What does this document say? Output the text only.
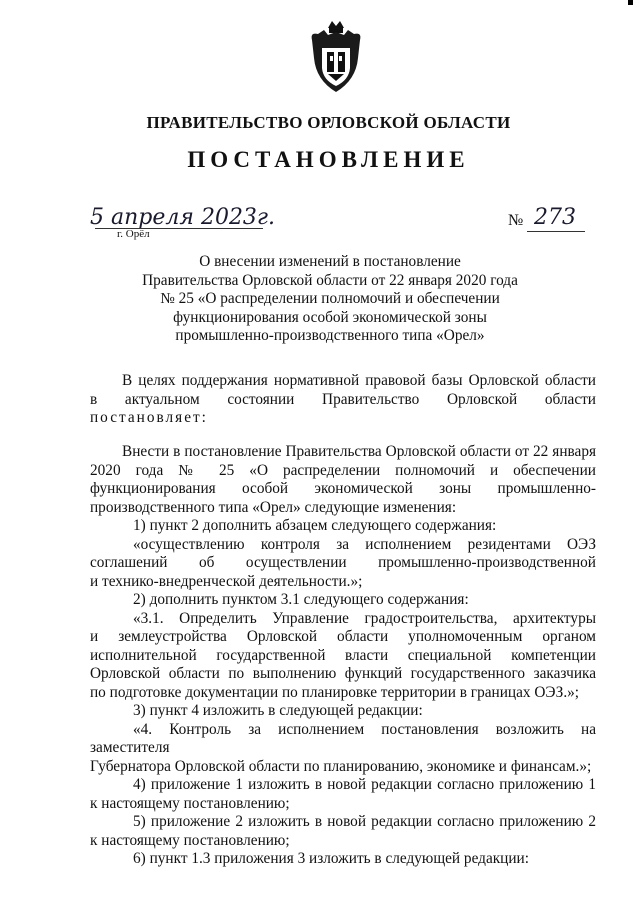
ПРАВИТЕЛЬСТВО ОРЛОВСКОЙ ОБЛАСТИ
ПОСТАНОВЛЕНИЕ
5 апреля 2023г.
г. Орёл
№ 273
О внесении изменений в постановление
Правительства Орловской области от 22 января 2020 года
№ 25 «О распределении полномочий и обеспечении
функционирования особой экономической зоны
промышленно-производственного типа «Орел»

В целях поддержания нормативной правовой базы Орловской области

в актуальном состоянии Правительство Орловской области

постановляет:

Внести в постановление Правительства Орловской области от 22 января

2020 года № 25 «О распределении полномочий и обеспечении

функционирования особой экономической зоны промышленно-

производственного типа «Орел» следующие изменения:

1) пункт 2 дополнить абзацем следующего содержания:

«осуществлению контроля за исполнением резидентами ОЭЗ

соглашений об осуществлении промышленно-производственной

и технико-внедренческой деятельности.»;

2) дополнить пунктом 3.1 следующего содержания:

«3.1. Определить Управление градостроительства, архитектуры

и землеустройства Орловской области уполномоченным органом

исполнительной государственной власти специальной компетенции

Орловской области по выполнению функций государственного заказчика

по подготовке документации по планировке территории в границах ОЭЗ.»;

3) пункт 4 изложить в следующей редакции:

«4. Контроль за исполнением постановления возложить на заместителя

Губернатора Орловской области по планированию, экономике и финансам.»;

4) приложение 1 изложить в новой редакции согласно приложению 1

к настоящему постановлению;

5) приложение 2 изложить в новой редакции согласно приложению 2

к настоящему постановлению;

6) пункт 1.3 приложения 3 изложить в следующей редакции:
